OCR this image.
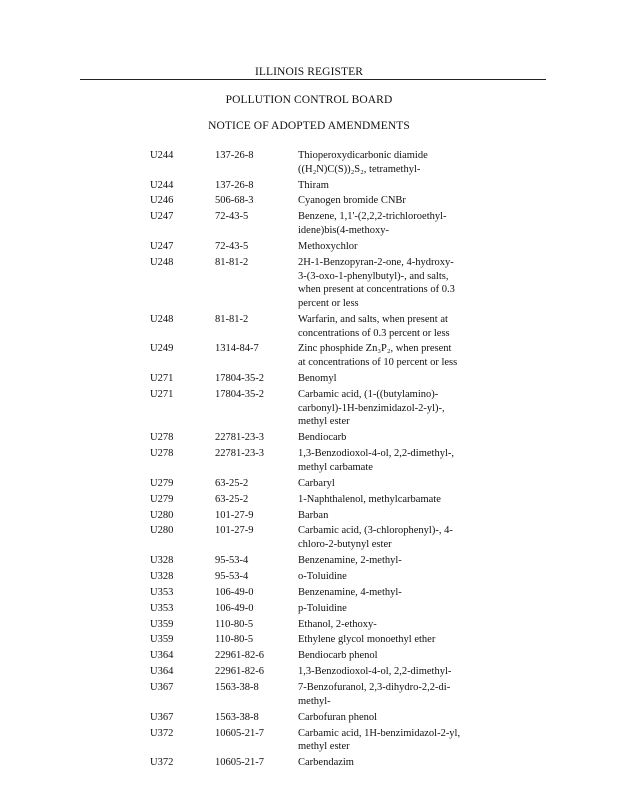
ILLINOIS REGISTER
POLLUTION CONTROL BOARD
NOTICE OF ADOPTED AMENDMENTS
U244	137-26-8	Thioperoxydicarbonic diamide
((H₂N)C(S))₂S₂, tetramethyl-
U244	137-26-8	Thiram
U246	506-68-3	Cyanogen bromide CNBr
U247	72-43-5	Benzene, 1,1'-(2,2,2-trichloroethyl-
idene)bis(4-methoxy-
U247	72-43-5	Methoxychlor
U248	81-81-2	2H-1-Benzopyran-2-one, 4-hydroxy-
3-(3-oxo-1-phenylbutyl)-, and salts,
when present at concentrations of 0.3
percent or less
U248	81-81-2	Warfarin, and salts, when present at
concentrations of 0.3 percent or less
U249	1314-84-7	Zinc phosphide Zn₃P₂, when present
at concentrations of 10 percent or less
U271	17804-35-2	Benomyl
U271	17804-35-2	Carbamic acid, (1-((butylamino)-
carbonyl)-1H-benzimidazol-2-yl)-,
methyl ester
U278	22781-23-3	Bendiocarb
U278	22781-23-3	1,3-Benzodioxol-4-ol, 2,2-dimethyl-,
methyl carbamate
U279	63-25-2	Carbaryl
U279	63-25-2	1-Naphthalenol, methylcarbamate
U280	101-27-9	Barban
U280	101-27-9	Carbamic acid, (3-chlorophenyl)-, 4-
chloro-2-butynyl ester
U328	95-53-4	Benzenamine, 2-methyl-
U328	95-53-4	o-Toluidine
U353	106-49-0	Benzenamine, 4-methyl-
U353	106-49-0	p-Toluidine
U359	110-80-5	Ethanol, 2-ethoxy-
U359	110-80-5	Ethylene glycol monoethyl ether
U364	22961-82-6	Bendiocarb phenol
U364	22961-82-6	1,3-Benzodioxol-4-ol, 2,2-dimethyl-
U367	1563-38-8	7-Benzofuranol, 2,3-dihydro-2,2-di-
methyl-
U367	1563-38-8	Carbofuran phenol
U372	10605-21-7	Carbamic acid, 1H-benzimidazol-2-yl,
methyl ester
U372	10605-21-7	Carbendazim
